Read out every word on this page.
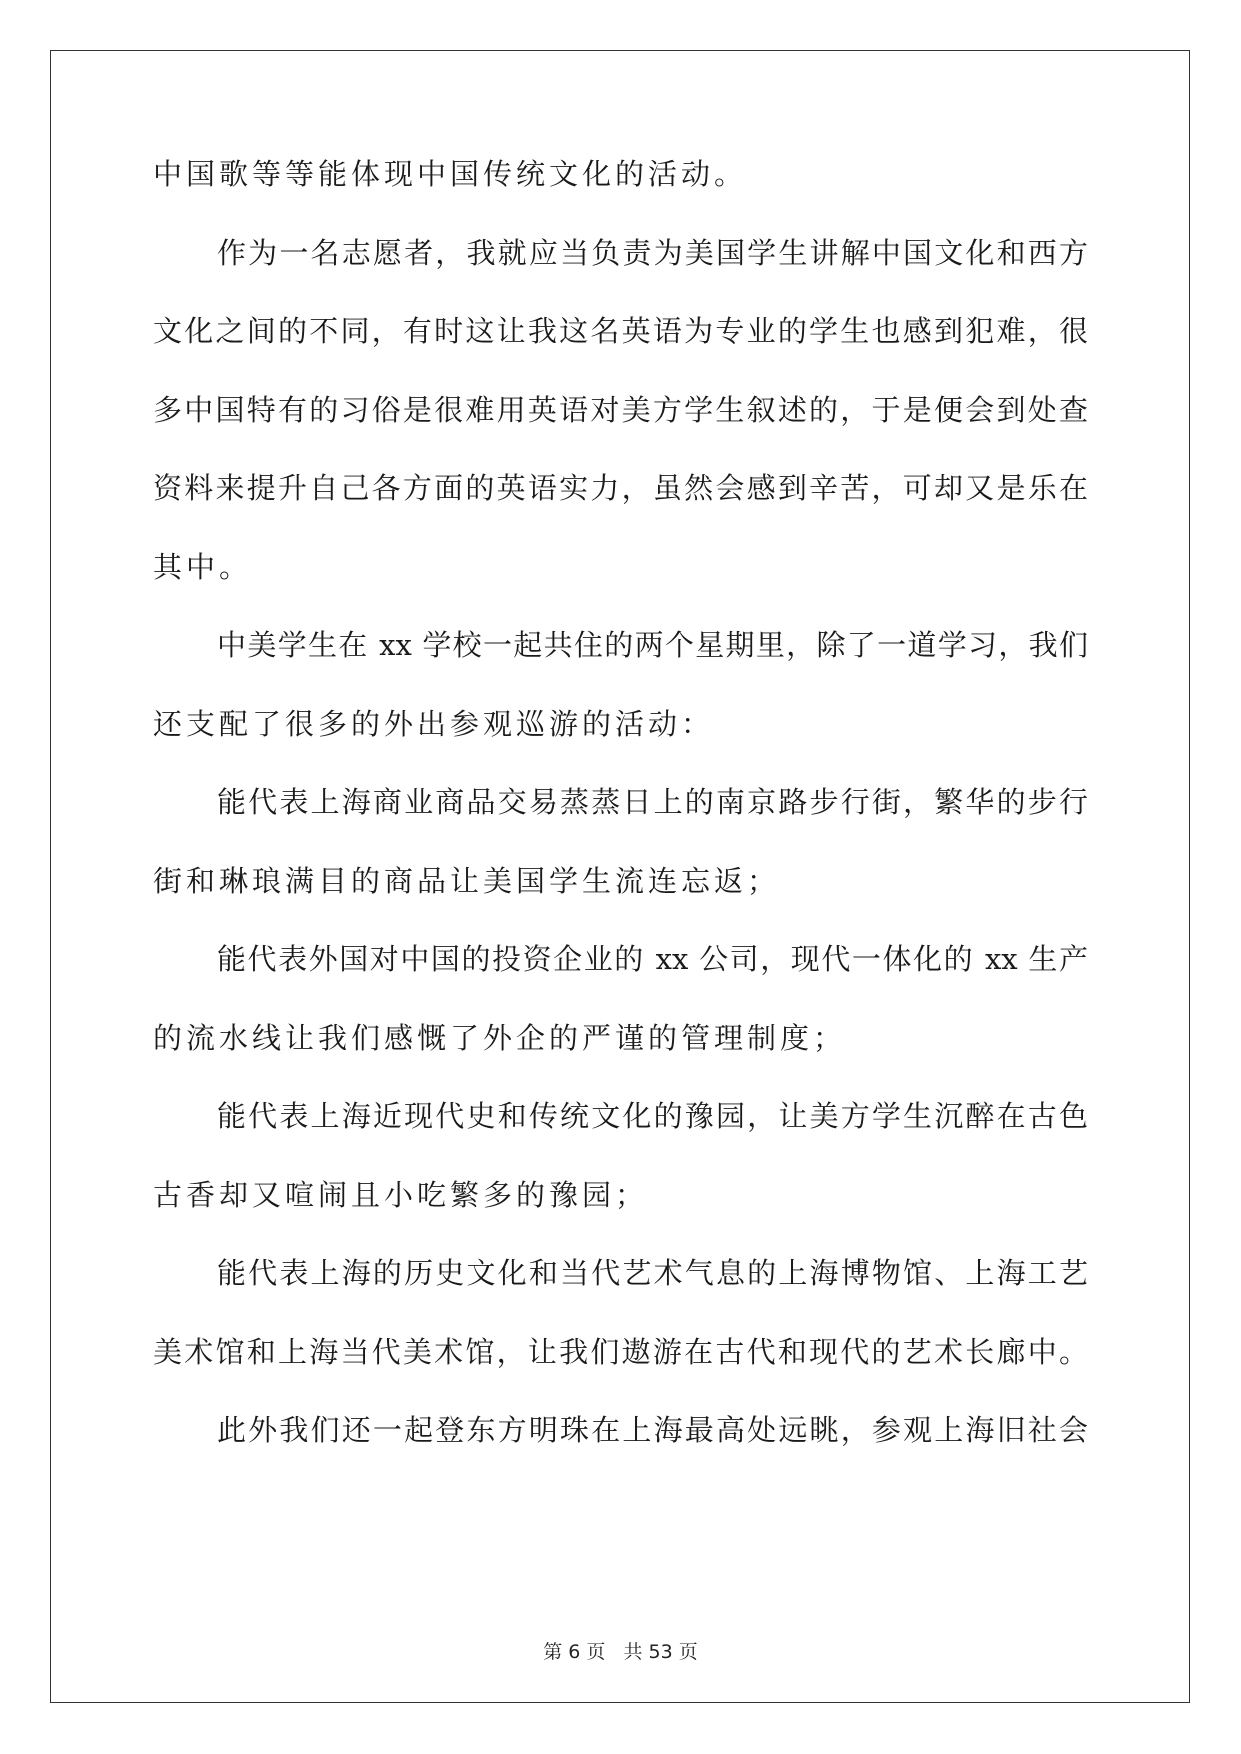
中国歌等等能体现中国传统文化的活动。
作为一名志愿者，我就应当负责为美国学生讲解中国文化和西方
文化之间的不同，有时这让我这名英语为专业的学生也感到犯难，很
多中国特有的习俗是很难用英语对美方学生叙述的，于是便会到处查
资料来提升自己各方面的英语实力，虽然会感到辛苦，可却又是乐在
其中。
中美学生在 xx 学校一起共住的两个星期里，除了一道学习，我们
还支配了很多的外出参观巡游的活动：
能代表上海商业商品交易蒸蒸日上的南京路步行街，繁华的步行
街和琳琅满目的商品让美国学生流连忘返；
能代表外国对中国的投资企业的 xx 公司，现代一体化的 xx 生产
的流水线让我们感慨了外企的严谨的管理制度；
能代表上海近现代史和传统文化的豫园，让美方学生沉醉在古色
古香却又喧闹且小吃繁多的豫园；
能代表上海的历史文化和当代艺术气息的上海博物馆、上海工艺
美术馆和上海当代美术馆，让我们遨游在古代和现代的艺术长廊中。
此外我们还一起登东方明珠在上海最高处远眺，参观上海旧社会
第 6 页 共 53 页
